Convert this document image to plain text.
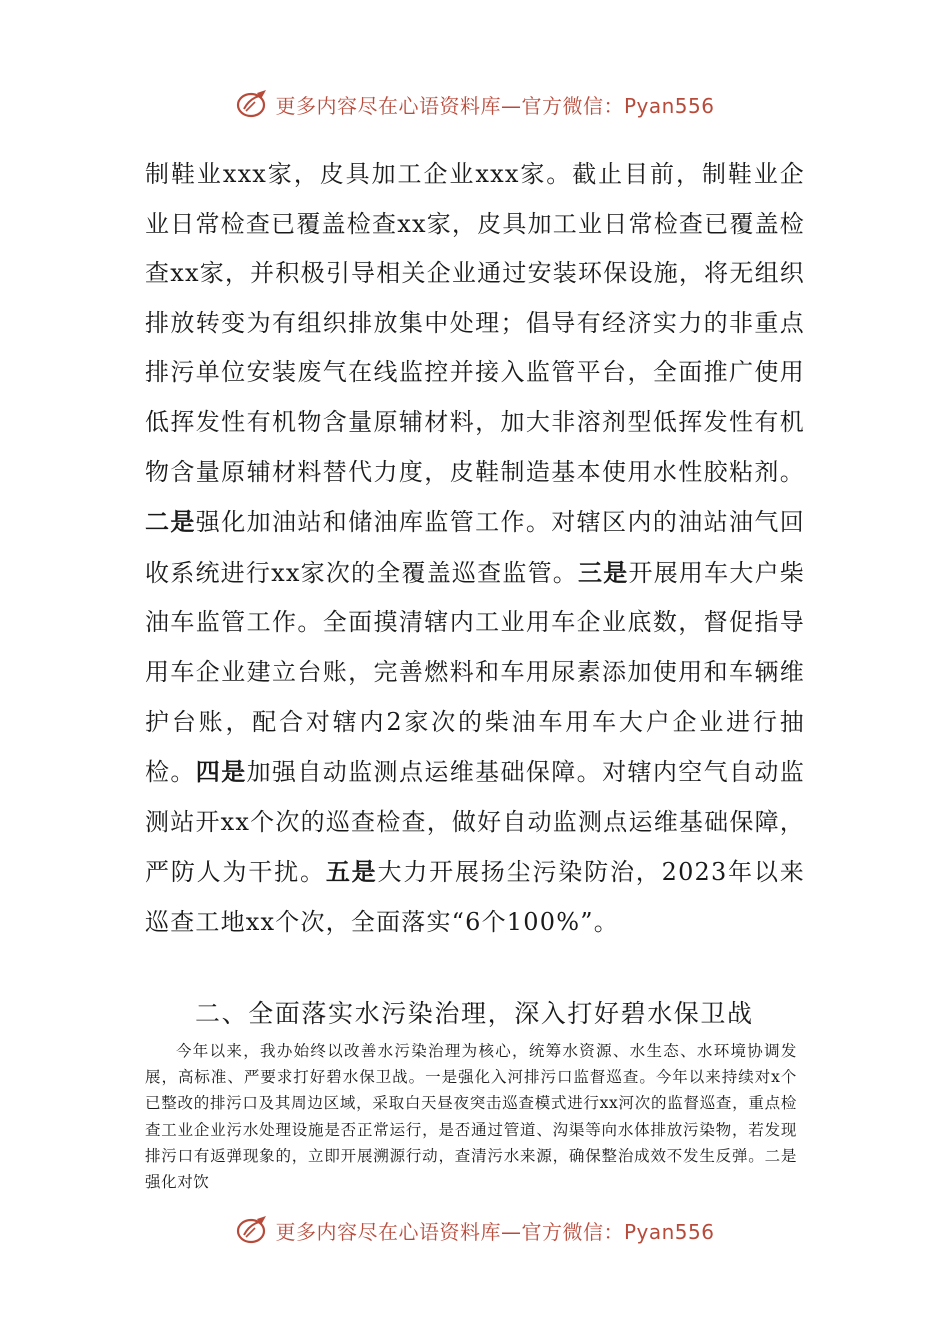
更多内容尽在心语资料库—官方微信：Pyan556

制鞋业xxx家，皮具加工企业xxx家。截止目前，制鞋业企业日常检查已覆盖检查xx家，皮具加工业日常检查已覆盖检查xx家，并积极引导相关企业通过安装环保设施，将无组织排放转变为有组织排放集中处理；倡导有经济实力的非重点排污单位安装废气在线监控并接入监管平台，全面推广使用低挥发性有机物含量原辅材料，加大非溶剂型低挥发性有机物含量原辅材料替代力度，皮鞋制造基本使用水性胶粘剂。二是强化加油站和储油库监管工作。对辖区内的油站油气回收系统进行xx家次的全覆盖巡查监管。三是开展用车大户柴油车监管工作。全面摸清辖内工业用车企业底数，督促指导用车企业建立台账，完善燃料和车用尿素添加使用和车辆维护台账，配合对辖内2家次的柴油车用车大户企业进行抽检。四是加强自动监测点运维基础保障。对辖内空气自动监测站开xx个次的巡查检查，做好自动监测点运维基础保障，严防人为干扰。五是大力开展扬尘污染防治，2023年以来巡查工地xx个次，全面落实“6个100%”。

二、全面落实水污染治理，深入打好碧水保卫战

今年以来，我办始终以改善水污染治理为核心，统筹水资源、水生态、水环境协调发展，高标准、严要求打好碧水保卫战。一是强化入河排污口监督巡查。今年以来持续对x个已整改的排污口及其周边区域，采取白天昼夜突击巡查模式进行xx河次的监督巡查，重点检查工业企业污水处理设施是否正常运行，是否通过管道、沟渠等向水体排放污染物，若发现排污口有返弹现象的，立即开展溯源行动，查清污水来源，确保整治成效不发生反弹。二是强化对饮

更多内容尽在心语资料库—官方微信：Pyan556
